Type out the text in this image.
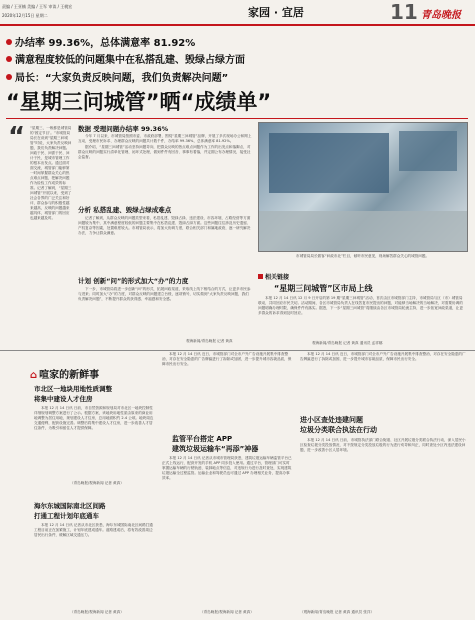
责编 / 王亚楠 美编 / 王军 审读 / 王桃宏
2020年12月15日 星期二	家园 · 宜居	11 青岛晚报
办结率 99.36%，总体满意率 81.92%
满意程度较低的问题集中在私搭乱建、毁绿占绿方面
局长：“大家负责反映问题，我们负责解决问题”
“星期三问城管”晒“成绩单”
“	“星期三，一般都是城管局的‘固定节目’。”市城管局局长在谈到“星期三问城管”时说，大家负责反映问题，我们负责解决问题。问政于民、问需于民、问计于民，是城市管理工作的根本出发点。通过面对面交流，城管部门能够第一时间掌握群众关心的热点难点问题，把解决问题作为检验工作成效的标准。记者了解到，“星期三问城管”开展以来，受到了社会各界的广泛关注和好评，群众参与的积极性越来越高，反映的问题越来越具体，城管部门的回应也越来越及时。
数据 受理问题办结率 99.36%

今年 7 月以来，市城管局按照市委、市政府部署，围绕“星期三问城管”品牌，开展了多次现场办公和网上互动，受理市民诉求、办理群众反映的问题共计数千件，办结率 99.36%，总体满意率 81.92%。

据介绍，“星期三问城管”活动坚持问题导向，把群众反映的热点难点问题作为工作的出发点和落脚点，对群众反映的问题实行清单化管理、闭环式处理，做到件件有回音、事事有着落，并定期公布办理情况，接受社会监督。

分析 私搭乱建、毁绿占绿成难点

记者了解到，从群众反映的问题类型来看，私搭乱建、毁绿占绿、违法建设、市容环境、占路经营等方面问题较为集中，其中满意程度较低的问题主要集中在私搭乱建、毁绿占绿方面。这些问题往往涉及历史遗留、产权复杂等因素，处置难度较大。市城管局表示，将加大协调力度，联合相关部门和属地政府，逐一研究解决办法，力争让群众满意。

计划 创新“问”的形式加大“办”的力度

下一步，市城管局将进一步创新“问”的形式，拓展问政渠道，采取线上线下相结合的方式，让更多市民参与进来；同时加大“办”的力度，对群众反映的问题建立台账，逐项销号，切实做到“大家负责反映问题，我们负责解决问题”，不断提升群众的获得感、幸福感和安全感。

观海新闻/青岛晚报 记者 黄真
市城管局局长做客“问政市北”栏目，倾听市民意见，现场解答群众关心的城管问题。
相关链接
“星期三问城管”区市局上线
本报 12 月 14 日讯 12 月 9 日开启的第 19 期“星期三问城管”活动，首次由区市城管部门主持，市城管局与区（市）城管局联动，共同回应市民关切。活动期间，各区市城管局负责人在线答复市民提出的问题，对能够当场解决的当场解决，对需要协调的问题明确办理时限，确保件件有落实。据悉，下一步“星期三问城管”将继续由各区市城管局轮流主持，进一步拓宽问政渠道，让更多群众的诉求得到及时回应。
观海新闻/青岛晚报 记者 黄真 通讯员 孟祥娜
⌂ 喧家的新鲜事
市北区一地块用地性质调整
将集中建设人才住房
本报 12 月 14 日讯 日前，市自然资源和规划局对市北区一地块控制性详细规划调整方案进行了公示。根据方案，该地块用地性质由原来的商业用地调整为居住用地，规划建设人才住房，总用地面积约 2.4 公顷。地块周边交通便利，配套设施完善。调整后将集中建设人才住房，进一步改善人才居住条件，为吸引和留住人才提供保障。
（青岛晚报/观海新闻 记者 黄真）
海尔东城国际南北区间路
打通工程计划年底通车
本报 12 月 14 日讯 记者从市北区获悉，海尔东城国际南北区间路打通工程目前正在加紧施工，计划年底建成通车。道路建成后，将有效改善周边居民出行条件，缓解区域交通压力。
（青岛晚报/观海新闻 记者 黄真）
本报 12 月 14 日讯 近日，市城管部门对全市户外广告设施开展集中排查整治，对存在安全隐患的广告牌匾进行了拆除或加固，进一步提升城市容貌品质，保障市民出行安全。
监管平台搭定 APP
建筑垃圾运输车“再添”神器
本报 12 月 14 日讯 记者从市城市管理局获悉，建筑垃圾运输车辆监管平台已正式上线运行，配套开发的手机 APP 同步投入使用。通过平台，管理部门可实时掌握运输车辆的行驶轨迹、装卸地点等信息，对违规行为进行及时查处，实现建筑垃圾运输全过程监管。运输企业和驾驶员也可通过 APP 办理相关业务，提高办事效率。
（青岛晚报/观海新闻 记者 黄真）
本报 12 月 14 日讯 近日，市城管部门对全市户外广告设施开展集中排查整治，对存在安全隐患的广告牌匾进行了拆除或加固，进一步提升城市容貌品质，保障市民出行安全。
进小区查处违建问题
垃圾分类联合执法在行动
本报 12 月 14 日讯 日前，市城管执法部门联合街道、社区开展垃圾分类联合执法行动，深入居民小区检查垃圾分类投放情况，对不按规定分类投放垃圾的行为进行劝导和纠正，同时查处小区内违法建设问题，进一步改善小区人居环境。
（观海新闻/青岛晚报 记者 黄真 通讯员 张洋）
